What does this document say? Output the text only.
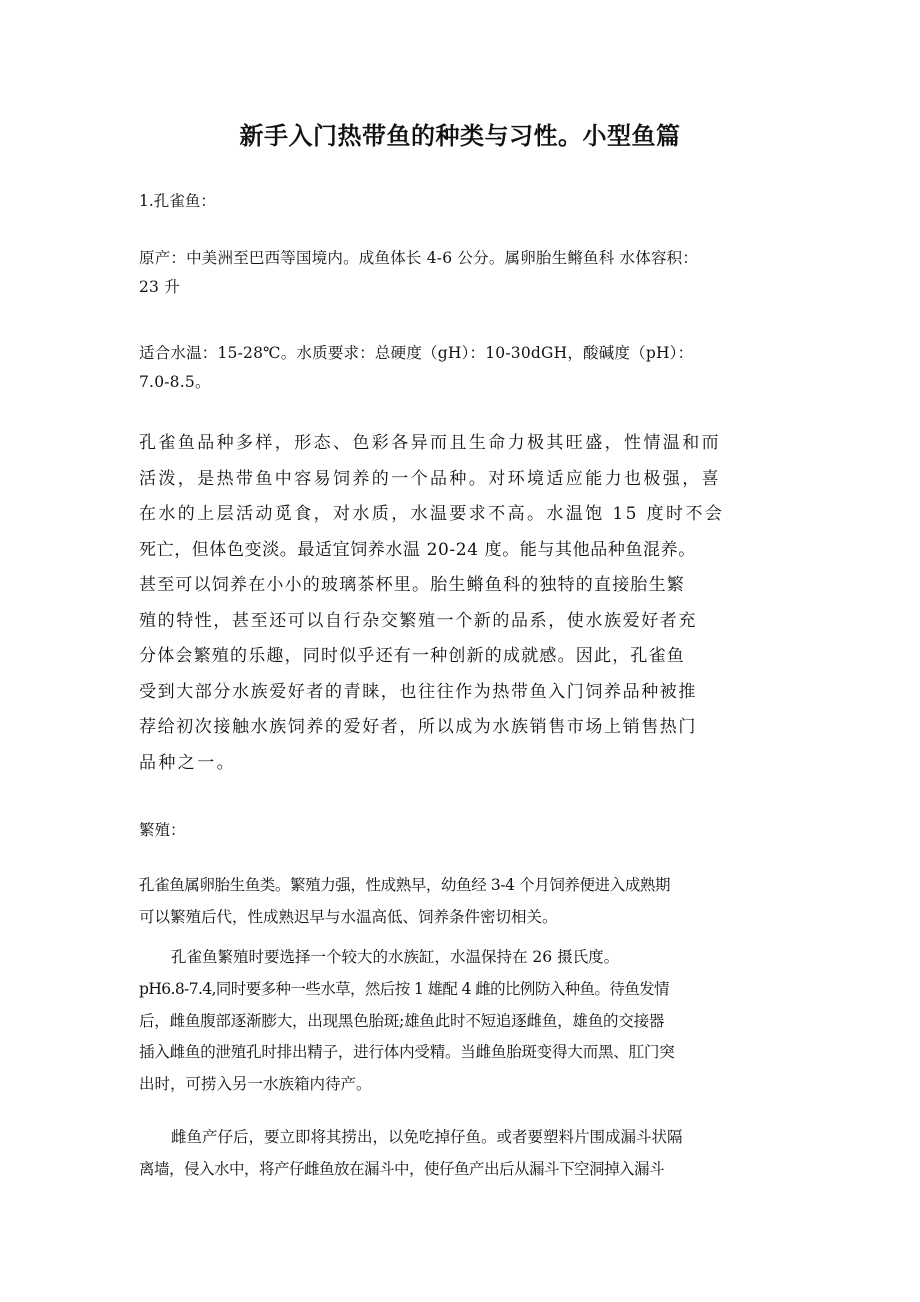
新手入门热带鱼的种类与习性。小型鱼篇
1.孔雀鱼：
原产：中美洲至巴西等国境内。成鱼体长 4-6 公分。属卵胎生鳉鱼科 水体容积：
23 升
适合水温：15-28℃。水质要求：总硬度（gH）：10-30dGH，酸碱度（pH）：
7.0-8.5。
孔雀鱼品种多样，形态、色彩各异而且生命力极其旺盛，性情温和而
活泼，是热带鱼中容易饲养的一个品种。对环境适应能力也极强，喜
在水的上层活动觅食，对水质，水温要求不高。水温饱 15 度时不会
死亡，但体色变淡。最适宜饲养水温 20-24 度。能与其他品种鱼混养。
甚至可以饲养在小小的玻璃茶杯里。胎生鳉鱼科的独特的直接胎生繁
殖的特性，甚至还可以自行杂交繁殖一个新的品系，使水族爱好者充
分体会繁殖的乐趣，同时似乎还有一种创新的成就感。因此，孔雀鱼
受到大部分水族爱好者的青睐，也往往作为热带鱼入门饲养品种被推
荐给初次接触水族饲养的爱好者，所以成为水族销售市场上销售热门
品种之一。
繁殖：
孔雀鱼属卵胎生鱼类。繁殖力强，性成熟早，幼鱼经 3-4 个月饲养便进入成熟期
可以繁殖后代，性成熟迟早与水温高低、饲养条件密切相关。
孔雀鱼繁殖时要选择一个较大的水族缸，水温保持在 26 摄氏度。
pH6.8-7.4,同时要多种一些水草，然后按 1 雄配 4 雌的比例防入种鱼。待鱼发情
后，雌鱼腹部逐渐膨大，出现黑色胎斑;雄鱼此时不短追逐雌鱼，雄鱼的交接器
插入雌鱼的泄殖孔时排出精子，进行体内受精。当雌鱼胎斑变得大而黑、肛门突
出时，可捞入另一水族箱内待产。
雌鱼产仔后，要立即将其捞出，以免吃掉仔鱼。或者要塑料片围成漏斗状隔
离墙，侵入水中，将产仔雌鱼放在漏斗中，使仔鱼产出后从漏斗下空洞掉入漏斗
